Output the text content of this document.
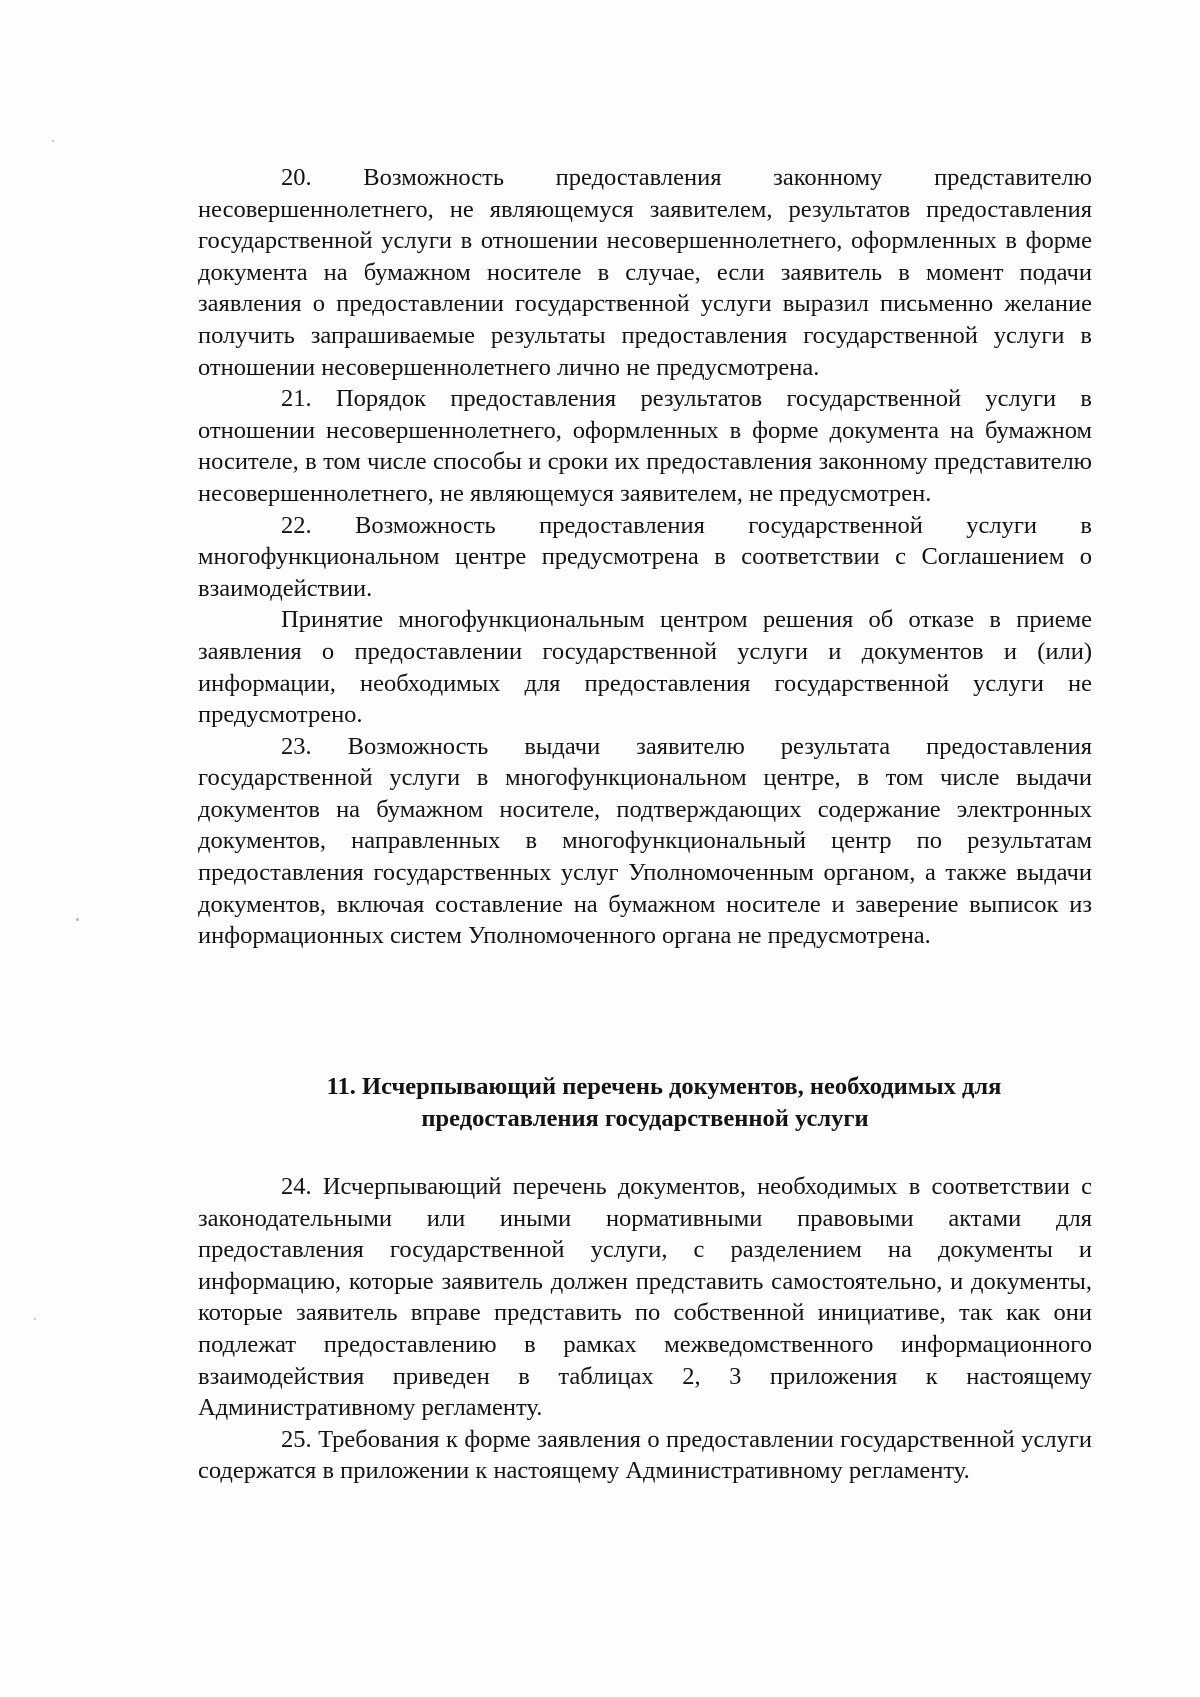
20. Возможность предоставления законному представителю несовершеннолетнего, не являющемуся заявителем, результатов предоставления государственной услуги в отношении несовершеннолетнего, оформленных в форме документа на бумажном носителе в случае, если заявитель в момент подачи заявления о предоставлении государственной услуги выразил письменно желание получить запрашиваемые результаты предоставления государственной услуги в отношении несовершеннолетнего лично не предусмотрена.

21. Порядок предоставления результатов государственной услуги в отношении несовершеннолетнего, оформленных в форме документа на бумажном носителе, в том числе способы и сроки их предоставления законному представителю несовершеннолетнего, не являющемуся заявителем, не предусмотрен.

22. Возможность предоставления государственной услуги в многофункциональном центре предусмотрена в соответствии с Соглашением о взаимодействии.

Принятие многофункциональным центром решения об отказе в приеме заявления о предоставлении государственной услуги и документов и (или) информации, необходимых для предоставления государственной услуги не предусмотрено.

23. Возможность выдачи заявителю результата предоставления государственной услуги в многофункциональном центре, в том числе выдачи документов на бумажном носителе, подтверждающих содержание электронных документов, направленных в многофункциональный центр по результатам предоставления государственных услуг Уполномоченным органом, а также выдачи документов, включая составление на бумажном носителе и заверение выписок из информационных систем Уполномоченного органа не предусмотрена.

11. Исчерпывающий перечень документов, необходимых для
предоставления государственной услуги

24. Исчерпывающий перечень документов, необходимых в соответствии с законодательными или иными нормативными правовыми актами для предоставления государственной услуги, с разделением на документы и информацию, которые заявитель должен представить самостоятельно, и документы, которые заявитель вправе представить по собственной инициативе, так как они подлежат предоставлению в рамках межведомственного информационного взаимодействия приведен в таблицах 2, 3 приложения к настоящему Административному регламенту.

25. Требования к форме заявления о предоставлении государственной услуги содержатся в приложении к настоящему Административному регламенту.
